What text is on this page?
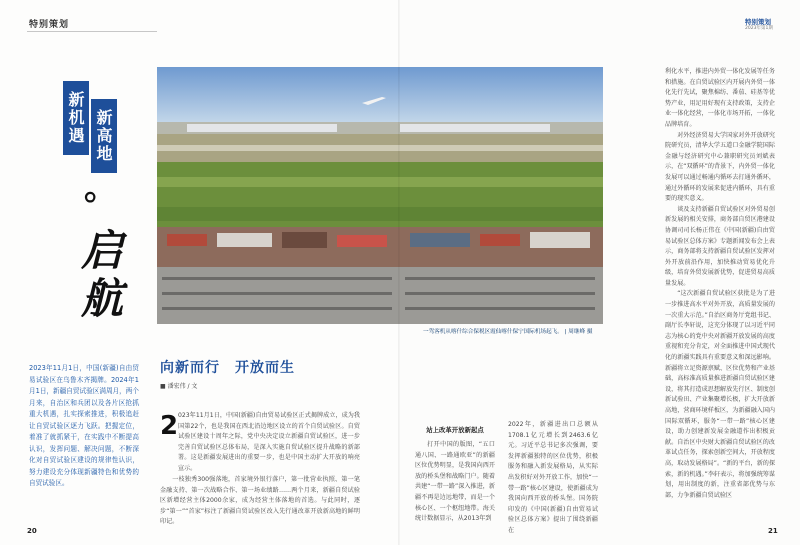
特别策划
新机遇 新高地
。
启航
2023年11月1日，中国(新疆)自由贸易试验区在乌鲁木齐揭牌。2024年1月1日，新疆自贸试验区满周月，两个月来，自治区和兵团以及各片区抢抓重大机遇，扎实探索推进，积极追赶让自贸试验区逐力飞跃。把握定位，着准了就抓紧干，在实践中不断提高认识，发挥问题、解决问题，不断深化对自贸试验区建设的规律性认识，努力建设充分体现新疆特色和优势的自贸试验区。
向新而行　开放而生
■ 潘宏伟 / 文
2 023年11月1日，中国(新疆)自由贸易试验区正式揭牌成立，成为我国第22个，也是我国在西北沿边地区设立的首个自贸试验区。自贸试验区建设十周年之际，党中央决定设立新疆自贸试验区，进一步完善自贸试验区总体布局，是深入实施自贸试验区提升战略的新部署。这是新疆发展进出的重要一步，也是中国主动扩大开放的响亮宣示。

一枝独秀300强落地，首家境外银行落户，第一批营业执照、第一笔金融支持、第一次战略合作、第一场业绩路……两个月来，新疆自贸试验区新增经营主体2000余家，成为经营主体落地的首选。与此同时，逐步“第一”“首家”标注了新疆自贸试验区改入先行通改革开放新高地的鲜明印记。

20
特别策划
2023年第1期
一驾客机从喀什综合保税区霞仙喀什保宁国际机场起飞。 | 周继峰 摄
站上改革开放新起点

打开中国的版图，“五口通八国、一路通欧亚”的新疆区位优势明显，是我国向西开放的桥头堡和战略门户。随着共建“一带一路”深入推进，新疆不再是边远地带，而是一个核心区、一个枢纽地带。海关统计数据显示，从2013年到

2022年，新疆进出口总额从1708.1亿元增长到2463.6亿元。习近平总书记多次强调，要发挥新疆独特的区位优势，积极服务和融入新发展格局，从实际出发积好对外开放工作，加快“一带一路”核心区建设，使新疆成为我国向西开放的桥头堡。国务院印发的《中国(新疆)自由贸易试验区总体方案》提出了围绕新疆在
利化水平，推进内外贸一体化发展等任务和措施。在自贸试验区内开展内外贸一体化先行先试，聚焦棉纺、番茄、硅基等优势产业，用足用好现有支持政策，支持企业一体化经营，一体化市场开拓，一体化品牌培育。

对外经济贸易大学国家对外开放研究院研究员，清华大学五道口金融学院国际金融与经济研究中心兼职研究员刘斌表示，在“双循环”的背景下，内外贸一体化发展可以通过畅通内循环去打通外循环，通过外循环的发展来促进内循环，具有重要的现实意义。

谈及支持新疆自贸试验区对外贸易创新发展的相关安排，商务部自贸区港建设协调司司长杨正伟在《中国(新疆)自由贸易试验区总体方案》专题新闻发布会上表示，商务部将支持新疆自贸试验区发挥对外开放前沿作用，加快推动贸易优化升级，培育外贸发展新优势，促进贸易高质量发展。

“这次新疆自贸试验区获批是为了进一步推进高水平对外开放，高质量发展的一次重大示范。”自治区商务厅党组书记、副厅长李轩说，这充分体现了以习近平同志为核心的党中央对新疆开放发展的高度重视和充分肯定，对全面推进中国式现代化的新疆实践具有重要意义和深远影响。新疆将立足资源禀赋、区位优势和产业基础，高标准高质量推进新疆自贸试验区建设，将其打造成思想解放先行区、制度创新试验田、产业集聚增长极，扩大开放新高地，营商环境样板区，为新疆融入国内国际双循环，服务“一带一路”核心区建设，助力创建新发展金融道作出积极贡献。自治区中央财大新疆自贸试验区的改革试点任务，探索创新空间大，开放程度高，取动发展格局”。“新的平台，新的探索，新的机遇。”李轩表示，将加强统筹谋划，用出制度的新，注重省部优势与东部，力争新疆自贸试验区

21
